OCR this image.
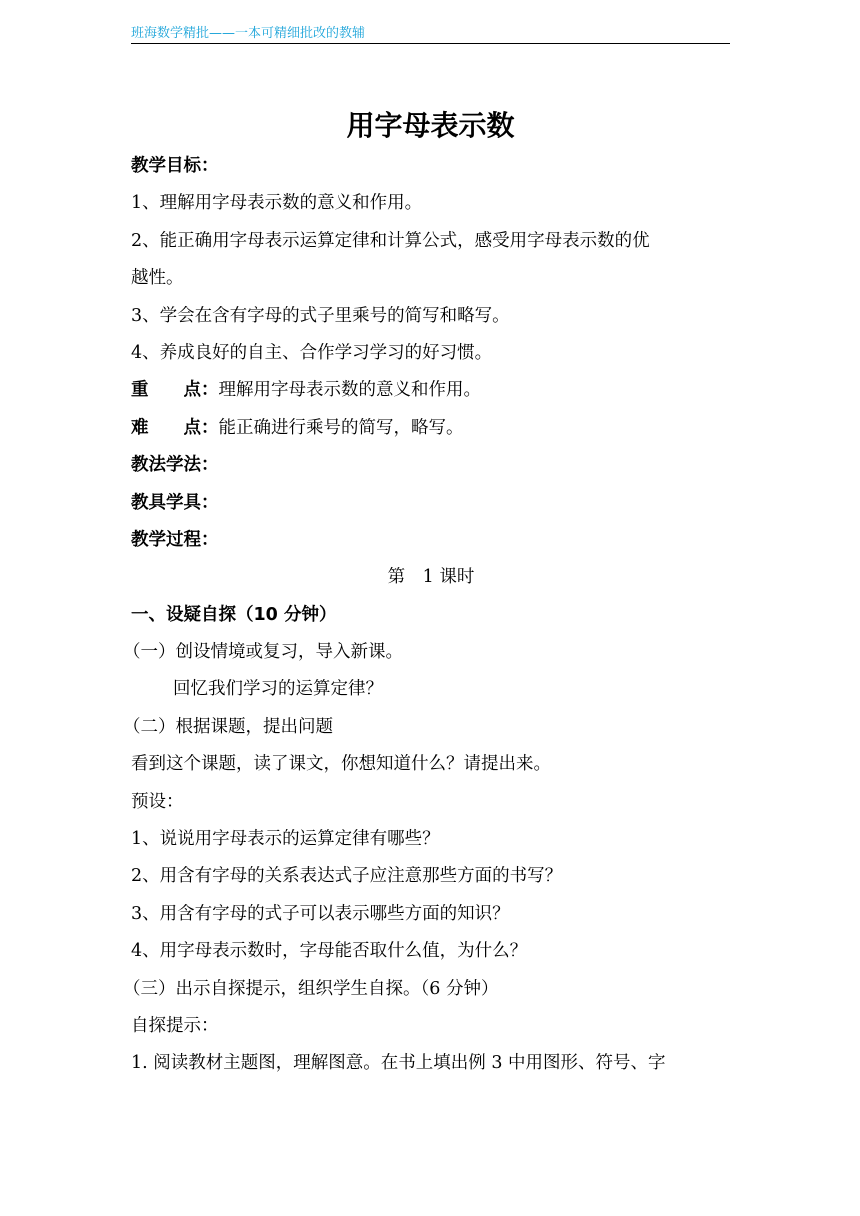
班海数学精批——一本可精细批改的教辅
用字母表示数
教学目标：
1、理解用字母表示数的意义和作用。
2、能正确用字母表示运算定律和计算公式，感受用字母表示数的优
越性。
3、学会在含有字母的式子里乘号的简写和略写。
4、养成良好的自主、合作学习学习的好习惯。
重　　点：理解用字母表示数的意义和作用。
难　　点：能正确进行乘号的简写，略写。
教法学法：
教具学具：
教学过程：
第　1 课时
一、设疑自探（10 分钟）
（一）创设情境或复习，导入新课。
回忆我们学习的运算定律？
（二）根据课题，提出问题
看到这个课题，读了课文，你想知道什么？请提出来。
预设：
1、说说用字母表示的运算定律有哪些？
2、用含有字母的关系表达式子应注意那些方面的书写？
3、用含有字母的式子可以表示哪些方面的知识？
4、用字母表示数时，字母能否取什么值，为什么？
（三）出示自探提示，组织学生自探。（6 分钟）
自探提示：
1. 阅读教材主题图，理解图意。在书上填出例 3 中用图形、符号、字
